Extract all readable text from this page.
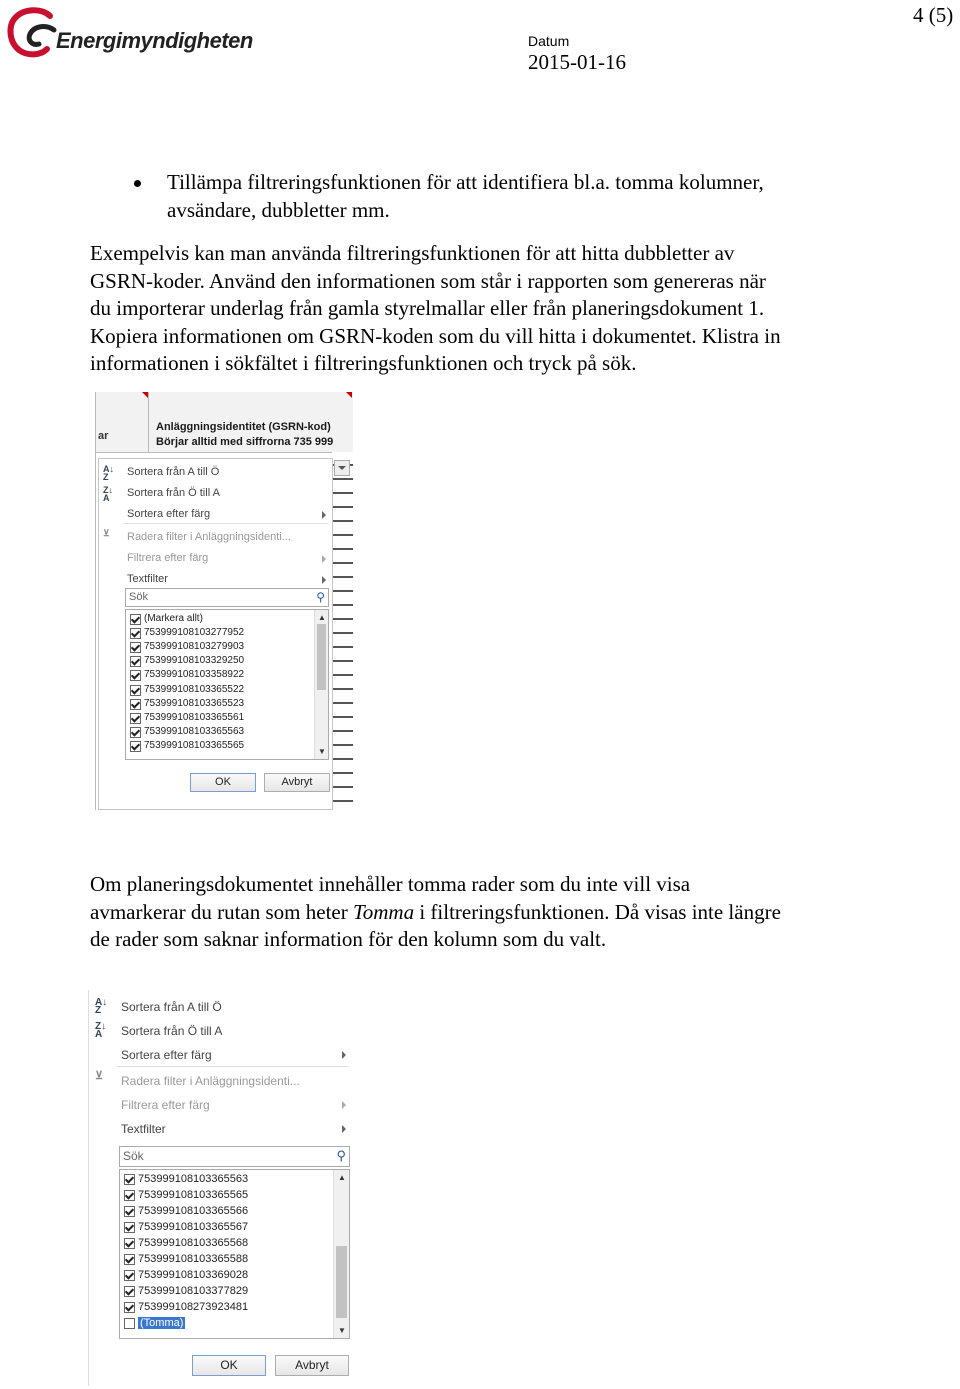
Energimyndigheten	Datum
2015-01-16
4 (5)
Tillämpa filtreringsfunktionen för att identifiera bl.a. tomma kolumner,
avsändare, dubbletter mm.
Exempelvis kan man använda filtreringsfunktionen för att hitta dubbletter av
GSRN-koder. Använd den informationen som står i rapporten som genereras när
du importerar underlag från gamla styrelmallar eller från planeringsdokument 1.
Kopiera informationen om GSRN-koden som du vill hitta i dokumentet. Klistra in
informationen i sökfältet i filtreringsfunktionen och tryck på sök.
ar
Anläggningsidentitet (GSRN-kod)
Börjar alltid med siffrorna 735 999
A↓
Z	Sortera från A till Ö
Z↓
A	Sortera från Ö till A
Sortera efter färg
⊻	Radera filter i Anläggningsidenti...
Filtrera efter färg
Textfilter
Sök	⚲
(Markera allt)
753999108103277952
753999108103279903
753999108103329250
753999108103358922
753999108103365522
753999108103365523
753999108103365561
753999108103365563
753999108103365565
▲
▼
OK	Avbryt
Om planeringsdokumentet innehåller tomma rader som du inte vill visa
avmarkerar du rutan som heter Tomma i filtreringsfunktionen. Då visas inte längre
de rader som saknar information för den kolumn som du valt.
A↓
Z	Sortera från A till Ö
Z↓
A	Sortera från Ö till A
Sortera efter färg
⊻	Radera filter i Anläggningsidenti...
Filtrera efter färg
Textfilter
Sök	⚲
753999108103365563
753999108103365565
753999108103365566
753999108103365567
753999108103365568
753999108103365588
753999108103369028
753999108103377829
753999108273923481
(Tomma)
▲
▼
OK	Avbryt
